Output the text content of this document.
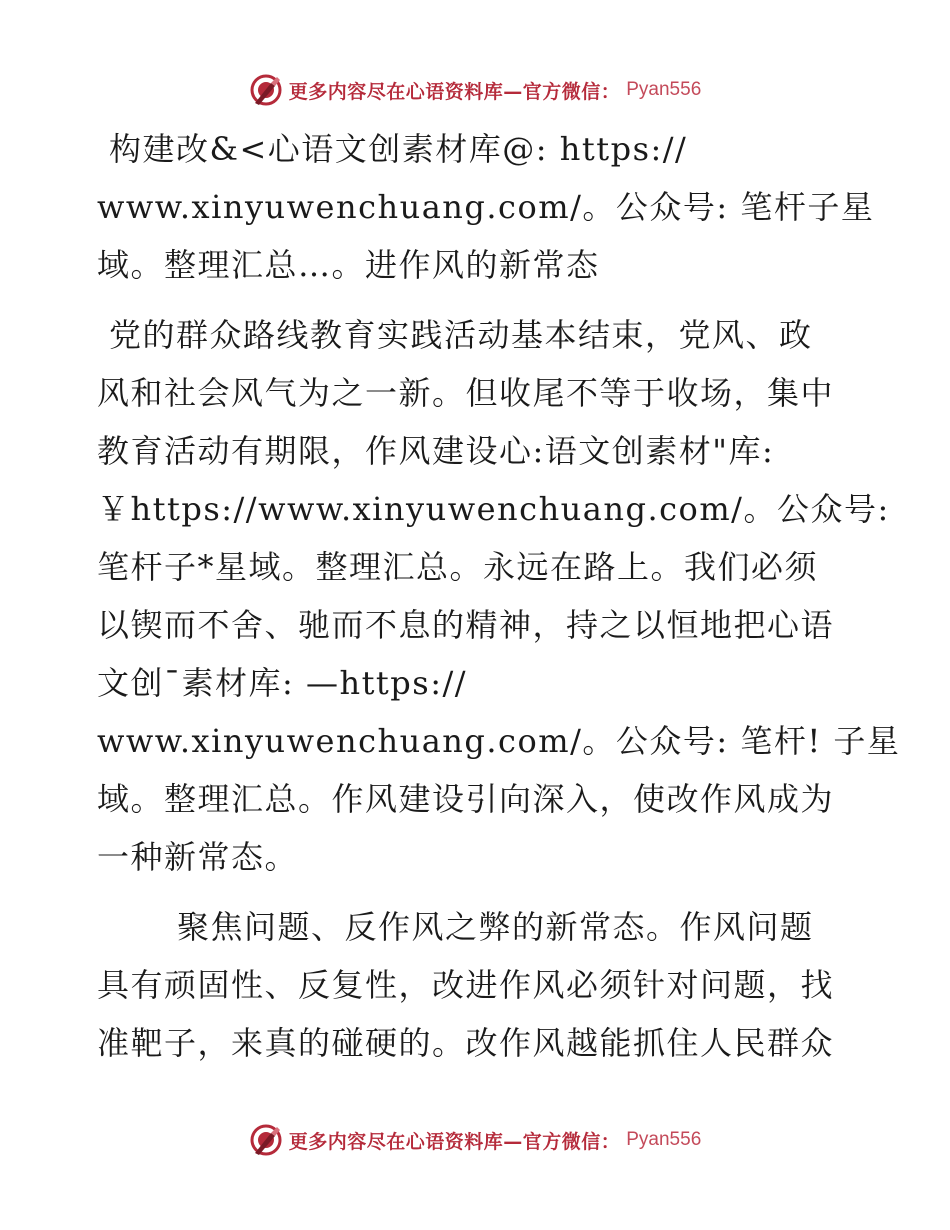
更多内容尽在心语资料库—官方微信： Pyan556

构建改&<心语文创素材库@: https://
www.xinyuwenchuang.com/。公众号: 笔杆子星
域。整理汇总…。进作风的新常态

党的群众路线教育实践活动基本结束，党风、政
风和社会风气为之一新。但收尾不等于收场，集中
教育活动有期限，作风建设心:语文创素材"库:
￥https://www.xinyuwenchuang.com/。公众号:
笔杆子*星域。整理汇总。永远在路上。我们必须
以锲而不舍、驰而不息的精神，持之以恒地把心语
文创¯素材库: —https://
www.xinyuwenchuang.com/。公众号: 笔杆! 子星
域。整理汇总。作风建设引向深入，使改作风成为
一种新常态。

聚焦问题、反作风之弊的新常态。作风问题
具有顽固性、反复性，改进作风必须针对问题，找
准靶子，来真的碰硬的。改作风越能抓住人民群众

更多内容尽在心语资料库—官方微信： Pyan556
